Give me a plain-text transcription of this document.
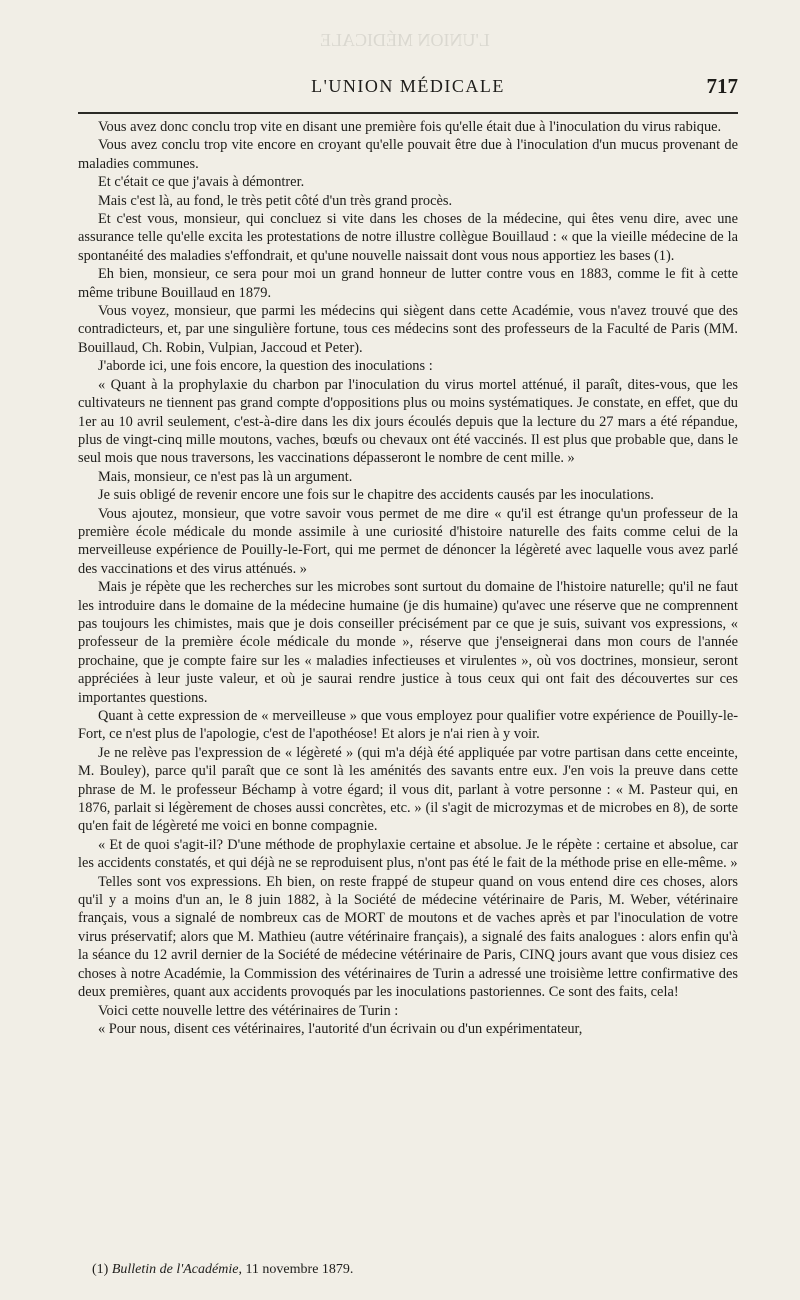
L'UNION MÉDICALE
L'UNION MÉDICALE	717

Vous avez donc conclu trop vite en disant une première fois qu'elle était due à l'inoculation du virus rabique.

Vous avez conclu trop vite encore en croyant qu'elle pouvait être due à l'inoculation d'un mucus provenant de maladies communes.

Et c'était ce que j'avais à démontrer.

Mais c'est là, au fond, le très petit côté d'un très grand procès.

Et c'est vous, monsieur, qui concluez si vite dans les choses de la médecine, qui êtes venu dire, avec une assurance telle qu'elle excita les protestations de notre illustre collègue Bouillaud : « que la vieille médecine de la spontanéité des maladies s'effondrait, et qu'une nouvelle naissait dont vous nous apportiez les bases (1).

Eh bien, monsieur, ce sera pour moi un grand honneur de lutter contre vous en 1883, comme le fit à cette même tribune Bouillaud en 1879.

Vous voyez, monsieur, que parmi les médecins qui siègent dans cette Académie, vous n'avez trouvé que des contradicteurs, et, par une singulière fortune, tous ces médecins sont des professeurs de la Faculté de Paris (MM. Bouillaud, Ch. Robin, Vulpian, Jaccoud et Peter).

J'aborde ici, une fois encore, la question des inoculations :

« Quant à la prophylaxie du charbon par l'inoculation du virus mortel atténué, il paraît, dites-vous, que les cultivateurs ne tiennent pas grand compte d'oppositions plus ou moins systématiques. Je constate, en effet, que du 1er au 10 avril seulement, c'est-à-dire dans les dix jours écoulés depuis que la lecture du 27 mars a été répandue, plus de vingt-cinq mille moutons, vaches, bœufs ou chevaux ont été vaccinés. Il est plus que probable que, dans le seul mois que nous traversons, les vaccinations dépasseront le nombre de cent mille. »

Mais, monsieur, ce n'est pas là un argument.

Je suis obligé de revenir encore une fois sur le chapitre des accidents causés par les inoculations.

Vous ajoutez, monsieur, que votre savoir vous permet de me dire « qu'il est étrange qu'un professeur de la première école médicale du monde assimile à une curiosité d'histoire naturelle des faits comme celui de la merveilleuse expérience de Pouilly-le-Fort, qui me permet de dénoncer la légèreté avec laquelle vous avez parlé des vaccinations et des virus atténués. »

Mais je répète que les recherches sur les microbes sont surtout du domaine de l'histoire naturelle; qu'il ne faut les introduire dans le domaine de la médecine humaine (je dis humaine) qu'avec une réserve que ne comprennent pas toujours les chimistes, mais que je dois conseiller précisément par ce que je suis, suivant vos expressions, « professeur de la première école médicale du monde », réserve que j'enseignerai dans mon cours de l'année prochaine, que je compte faire sur les « maladies infectieuses et virulentes », où vos doctrines, monsieur, seront appréciées à leur juste valeur, et où je saurai rendre justice à tous ceux qui ont fait des découvertes sur ces importantes questions.

Quant à cette expression de « merveilleuse » que vous employez pour qualifier votre expérience de Pouilly-le-Fort, ce n'est plus de l'apologie, c'est de l'apothéose! Et alors je n'ai rien à y voir.

Je ne relève pas l'expression de « légèreté » (qui m'a déjà été appliquée par votre partisan dans cette enceinte, M. Bouley), parce qu'il paraît que ce sont là les aménités des savants entre eux. J'en vois la preuve dans cette phrase de M. le professeur Béchamp à votre égard; il vous dit, parlant à votre personne : « M. Pasteur qui, en 1876, parlait si légèrement de choses aussi concrètes, etc. » (il s'agit de microzymas et de microbes en 8), de sorte qu'en fait de légèreté me voici en bonne compagnie.

« Et de quoi s'agit-il? D'une méthode de prophylaxie certaine et absolue. Je le répète : certaine et absolue, car les accidents constatés, et qui déjà ne se reproduisent plus, n'ont pas été le fait de la méthode prise en elle-même. »

Telles sont vos expressions. Eh bien, on reste frappé de stupeur quand on vous entend dire ces choses, alors qu'il y a moins d'un an, le 8 juin 1882, à la Société de médecine vétérinaire de Paris, M. Weber, vétérinaire français, vous a signalé de nombreux cas de MORT de moutons et de vaches après et par l'inoculation de votre virus préservatif; alors que M. Mathieu (autre vétérinaire français), a signalé des faits analogues : alors enfin qu'à la séance du 12 avril dernier de la Société de médecine vétérinaire de Paris, CINQ jours avant que vous disiez ces choses à notre Académie, la Commission des vétérinaires de Turin a adressé une troisième lettre confirmative des deux premières, quant aux accidents provoqués par les inoculations pastoriennes. Ce sont des faits, cela!

Voici cette nouvelle lettre des vétérinaires de Turin :

« Pour nous, disent ces vétérinaires, l'autorité d'un écrivain ou d'un expérimentateur,

(1) Bulletin de l'Académie, 11 novembre 1879.
